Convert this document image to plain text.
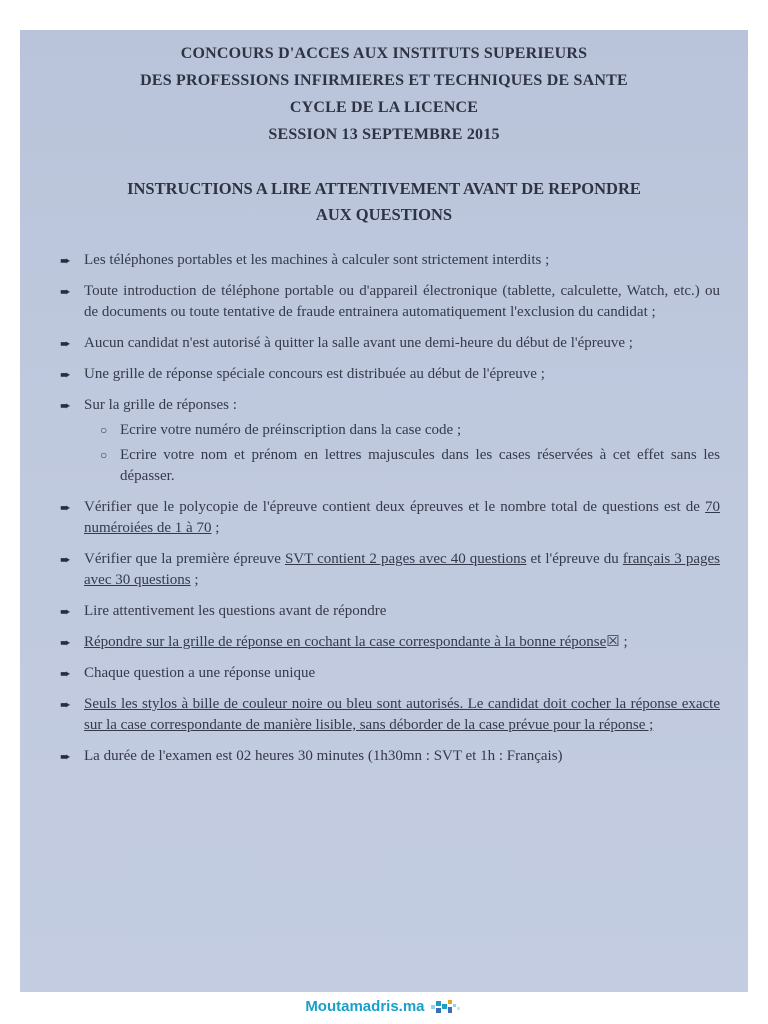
CONCOURS D'ACCES AUX INSTITUTS SUPERIEURS
DES PROFESSIONS INFIRMIERES ET TECHNIQUES DE SANTE
CYCLE DE LA LICENCE
SESSION 13 SEPTEMBRE 2015
INSTRUCTIONS A LIRE ATTENTIVEMENT AVANT DE REPONDRE
AUX QUESTIONS
➨ Les téléphones portables et les machines à calculer sont strictement interdits ;
➨ Toute introduction de téléphone portable ou d'appareil électronique (tablette, calculette, Watch, etc.) ou de documents ou toute tentative de fraude entrainera automatiquement l'exclusion du candidat ;
➨ Aucun candidat n'est autorisé à quitter la salle avant une demi-heure du début de l'épreuve ;
➨ Une grille de réponse spéciale concours est distribuée au début de l'épreuve ;
➨ Sur la grille de réponses :
○ Ecrire votre numéro de préinscription dans la case code ;
○ Ecrire votre nom et prénom en lettres majuscules dans les cases réservées à cet effet sans les dépasser.
➨ Vérifier que le polycopie de l'épreuve contient deux épreuves et le nombre total de questions est de 70 numéroiées de 1 à 70 ;
➨ Vérifier que la première épreuve SVT contient 2 pages avec 40 questions et l'épreuve du français 3 pages avec 30 questions ;
➨ Lire attentivement les questions avant de répondre
➨ Répondre sur la grille de réponse en cochant la case correspondante à la bonne réponse☒ ;
➨ Chaque question a une réponse unique
➨ Seuls les stylos à bille de couleur noire ou bleu sont autorisés. Le candidat doit cocher la réponse exacte sur la case correspondante de manière lisible, sans déborder de la case prévue pour la réponse ;
➨ La durée de l'examen est 02 heures 30 minutes (1h30mn : SVT et 1h : Français)
Moutamadris.ma
